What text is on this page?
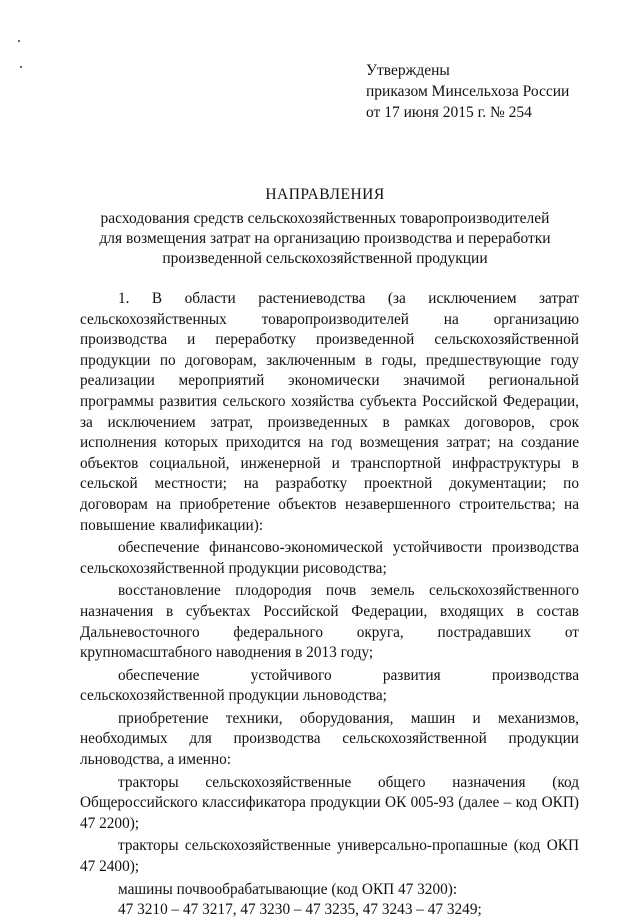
Утверждены
приказом Минсельхоза России
от 17 июня 2015 г. № 254
НАПРАВЛЕНИЯ
расходования средств сельскохозяйственных товаропроизводителей
для возмещения затрат на организацию производства и переработки
произведенной сельскохозяйственной продукции

1. В области растениеводства (за исключением затрат сельскохозяйственных товаропроизводителей на организацию производства и переработку произведенной сельскохозяйственной продукции по договорам, заключенным в годы, предшествующие году реализации мероприятий экономически значимой региональной программы развития сельского хозяйства субъекта Российской Федерации, за исключением затрат, произведенных в рамках договоров, срок исполнения которых приходится на год возмещения затрат; на создание объектов социальной, инженерной и транспортной инфраструктуры в сельской местности; на разработку проектной документации; по договорам на приобретение объектов незавершенного строительства; на повышение квалификации):

обеспечение финансово-экономической устойчивости производства сельскохозяйственной продукции рисоводства;

восстановление плодородия почв земель сельскохозяйственного назначения в субъектах Российской Федерации, входящих в состав Дальневосточного федерального округа, пострадавших от крупномасштабного наводнения в 2013 году;

обеспечение устойчивого развития производства сельскохозяйственной продукции льноводства;

приобретение техники, оборудования, машин и механизмов, необходимых для производства сельскохозяйственной продукции льноводства, а именно:

тракторы сельскохозяйственные общего назначения (код Общероссийского классификатора продукции ОК 005-93 (далее – код ОКП) 47 2200);

тракторы сельскохозяйственные универсально-пропашные (код ОКП 47 2400);

машины почвообрабатывающие (код ОКП 47 3200):

47 3210 – 47 3217, 47 3230 – 47 3235, 47 3243 – 47 3249;
